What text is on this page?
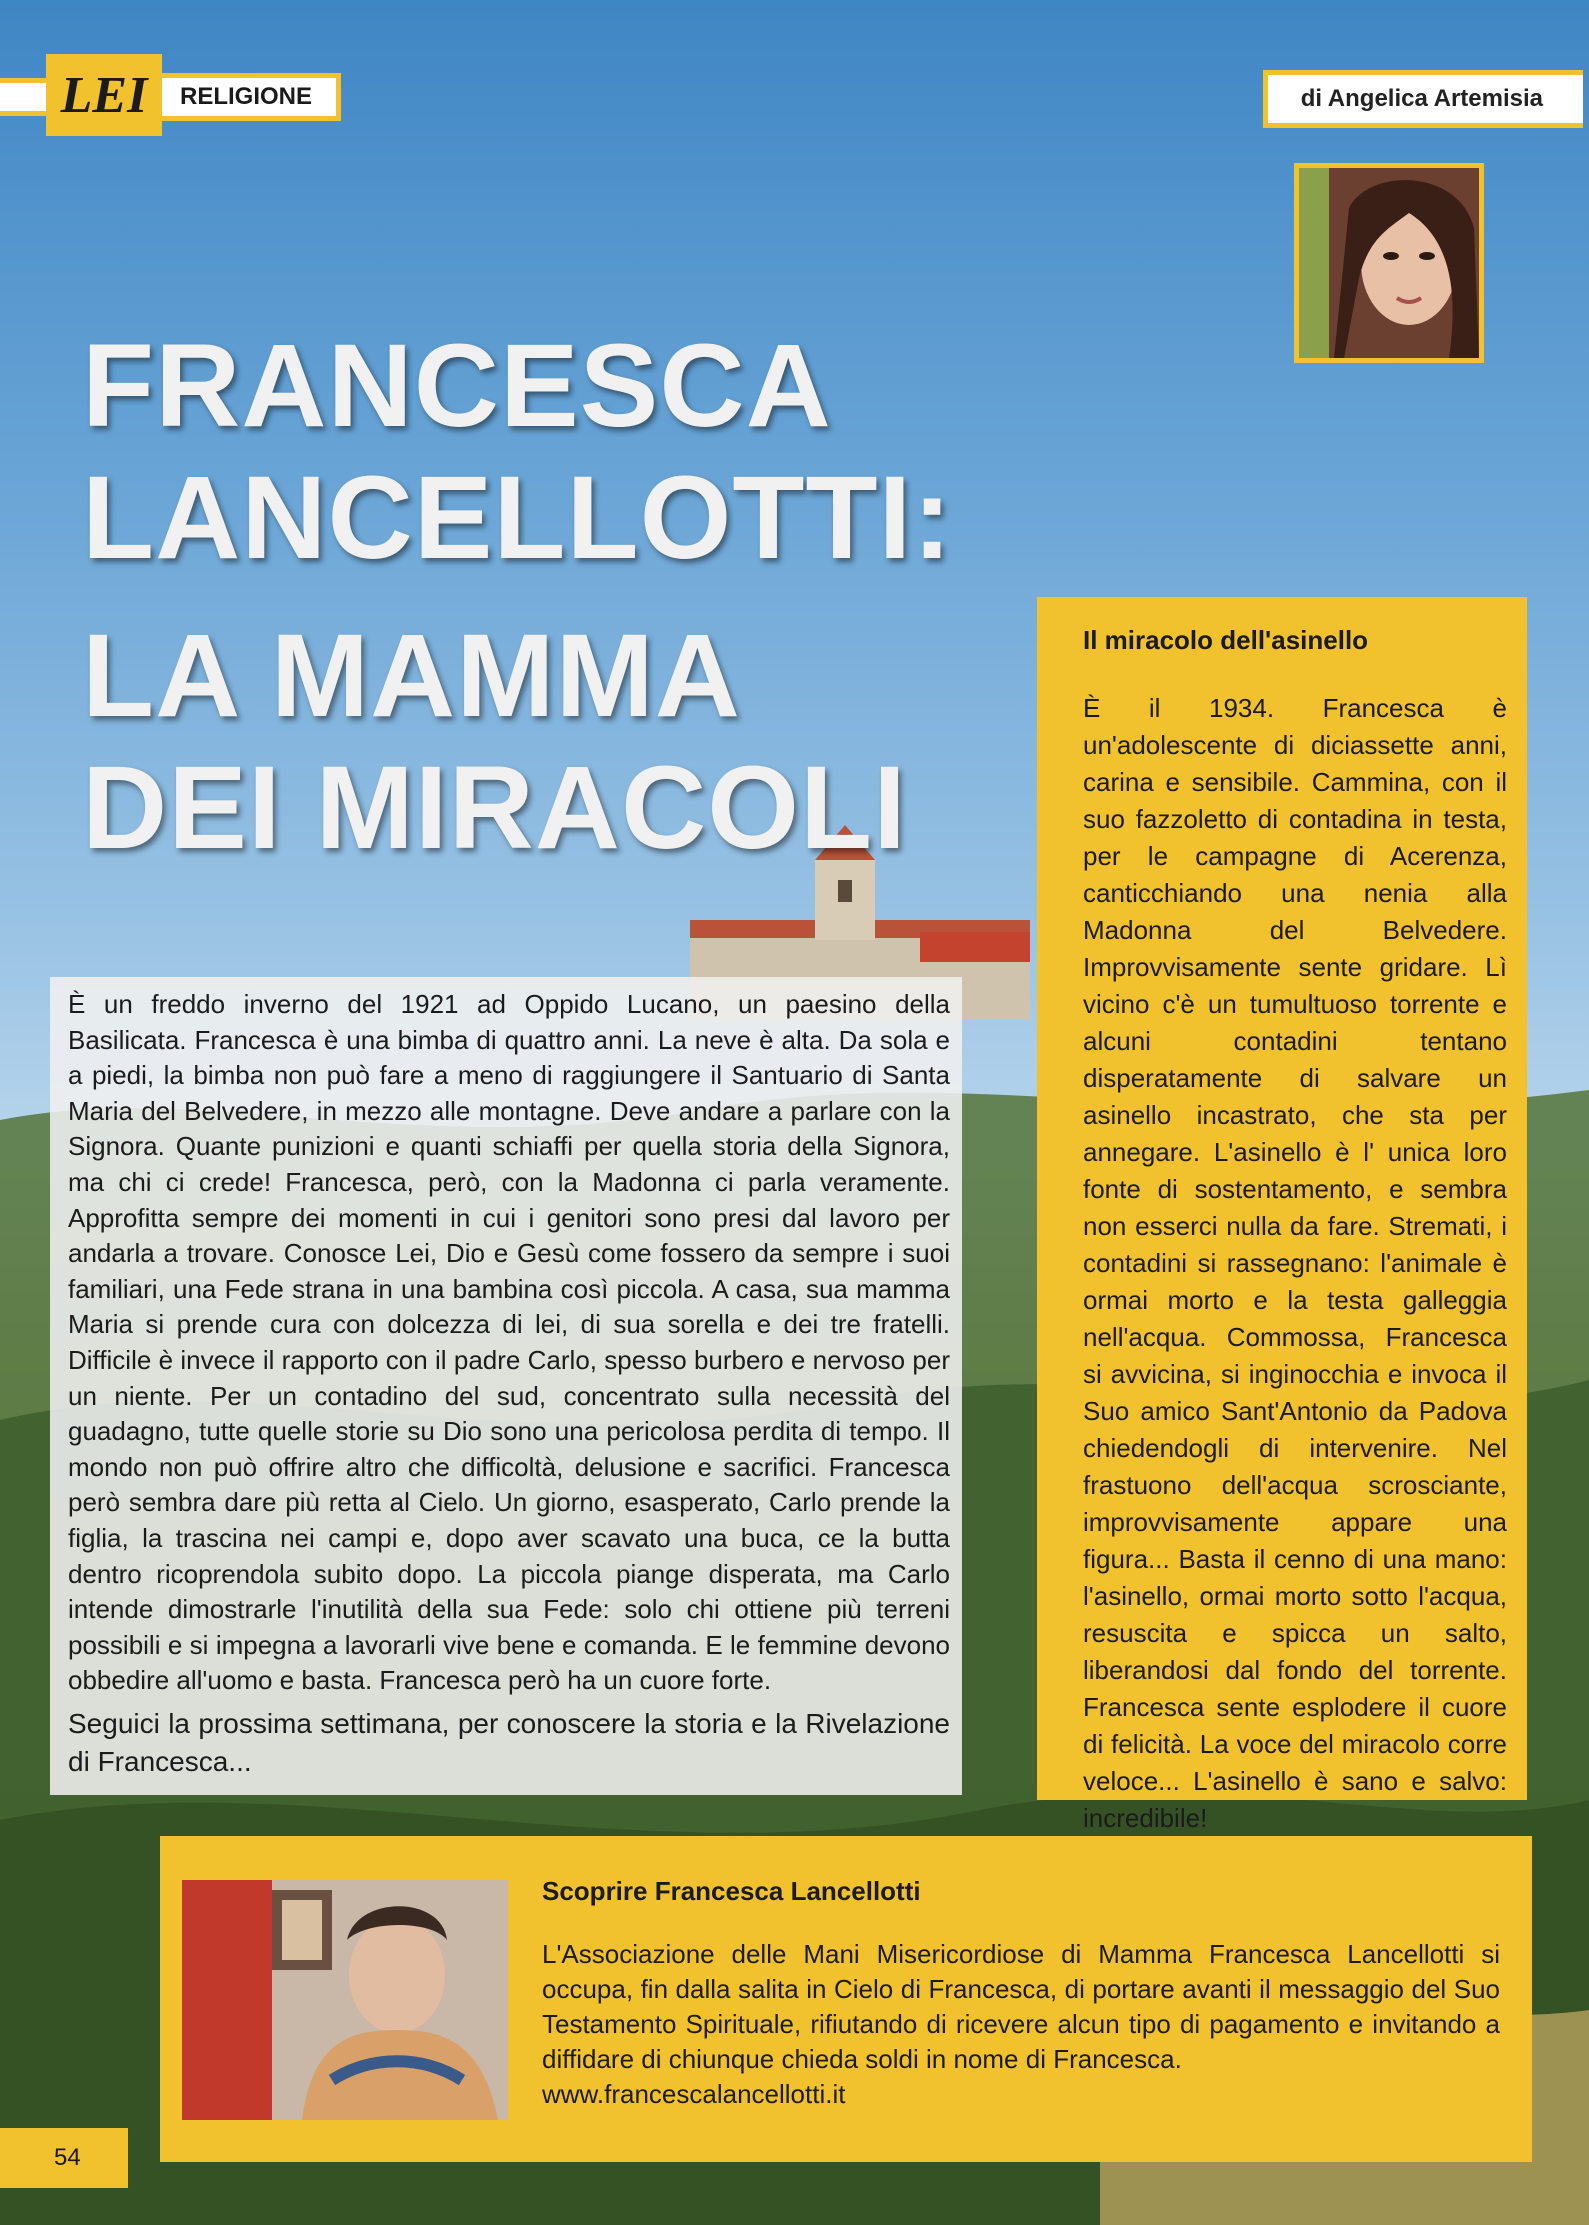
LEI	RELIGIONE	di Angelica Artemisia
FRANCESCA
LANCELLOTTI:
LA MAMMA
DEI MIRACOLI

È un freddo inverno del 1921 ad Oppido Lucano, un paesino della Basilicata. Francesca è una bimba di quattro anni. La neve è alta. Da sola e a piedi, la bimba non può fare a meno di raggiungere il Santuario di Santa Maria del Belvedere, in mezzo alle montagne. Deve andare a parlare con la Signora. Quante punizioni e quanti schiaffi per quella storia della Signora, ma chi ci crede! Francesca, però, con la Madonna ci parla veramente. Approfitta sempre dei momenti in cui i genitori sono presi dal lavoro per andarla a trovare. Conosce Lei, Dio e Gesù come fossero da sempre i suoi familiari, una Fede strana in una bambina così piccola. A casa, sua mamma Maria si prende cura con dolcezza di lei, di sua sorella e dei tre fratelli. Difficile è invece il rapporto con il padre Carlo, spesso burbero e nervoso per un niente. Per un contadino del sud, concentrato sulla necessità del guadagno, tutte quelle storie su Dio sono una pericolosa perdita di tempo. Il mondo non può offrire altro che difficoltà, delusione e sacrifici. Francesca però sembra dare più retta al Cielo. Un giorno, esasperato, Carlo prende la figlia, la trascina nei campi e, dopo aver scavato una buca, ce la butta dentro ricoprendola subito dopo. La piccola piange disperata, ma Carlo intende dimostrarle l'inutilità della sua Fede: solo chi ottiene più terreni possibili e si impegna a lavorarli vive bene e comanda. E le femmine devono obbedire all'uomo e basta. Francesca però ha un cuore forte.

Seguici la prossima settimana, per conoscere la storia e la Rivelazione di Francesca...

Il miracolo dell'asinello

È il 1934. Francesca è un'adolescente di diciassette anni, carina e sensibile. Cammina, con il suo fazzoletto di contadina in testa, per le campagne di Acerenza, canticchiando una nenia alla Madonna del Belvedere. Improvvisamente sente gridare. Lì vicino c'è un tumultuoso torrente e alcuni contadini tentano disperatamente di salvare un asinello incastrato, che sta per annegare. L'asinello è l' unica loro fonte di sostentamento, e sembra non esserci nulla da fare. Stremati, i contadini si rassegnano: l'animale è ormai morto e la testa galleggia nell'acqua. Commossa, Francesca si avvicina, si inginocchia e invoca il Suo amico Sant'Antonio da Padova chiedendogli di intervenire. Nel frastuono dell'acqua scrosciante, improvvisamente appare una figura... Basta il cenno di una mano: l'asinello, ormai morto sotto l'acqua, resuscita e spicca un salto, liberandosi dal fondo del torrente. Francesca sente esplodere il cuore di felicità. La voce del miracolo corre veloce... L'asinello è sano e salvo: incredibile!

Scoprire Francesca Lancellotti

L'Associazione delle Mani Misericordiose di Mamma Francesca Lancellotti si occupa, fin dalla salita in Cielo di Francesca, di portare avanti il messaggio del Suo Testamento Spirituale, rifiutando di ricevere alcun tipo di pagamento e invitando a diffidare di chiunque chieda soldi in nome di Francesca.

www.francescalancellotti.it

54
